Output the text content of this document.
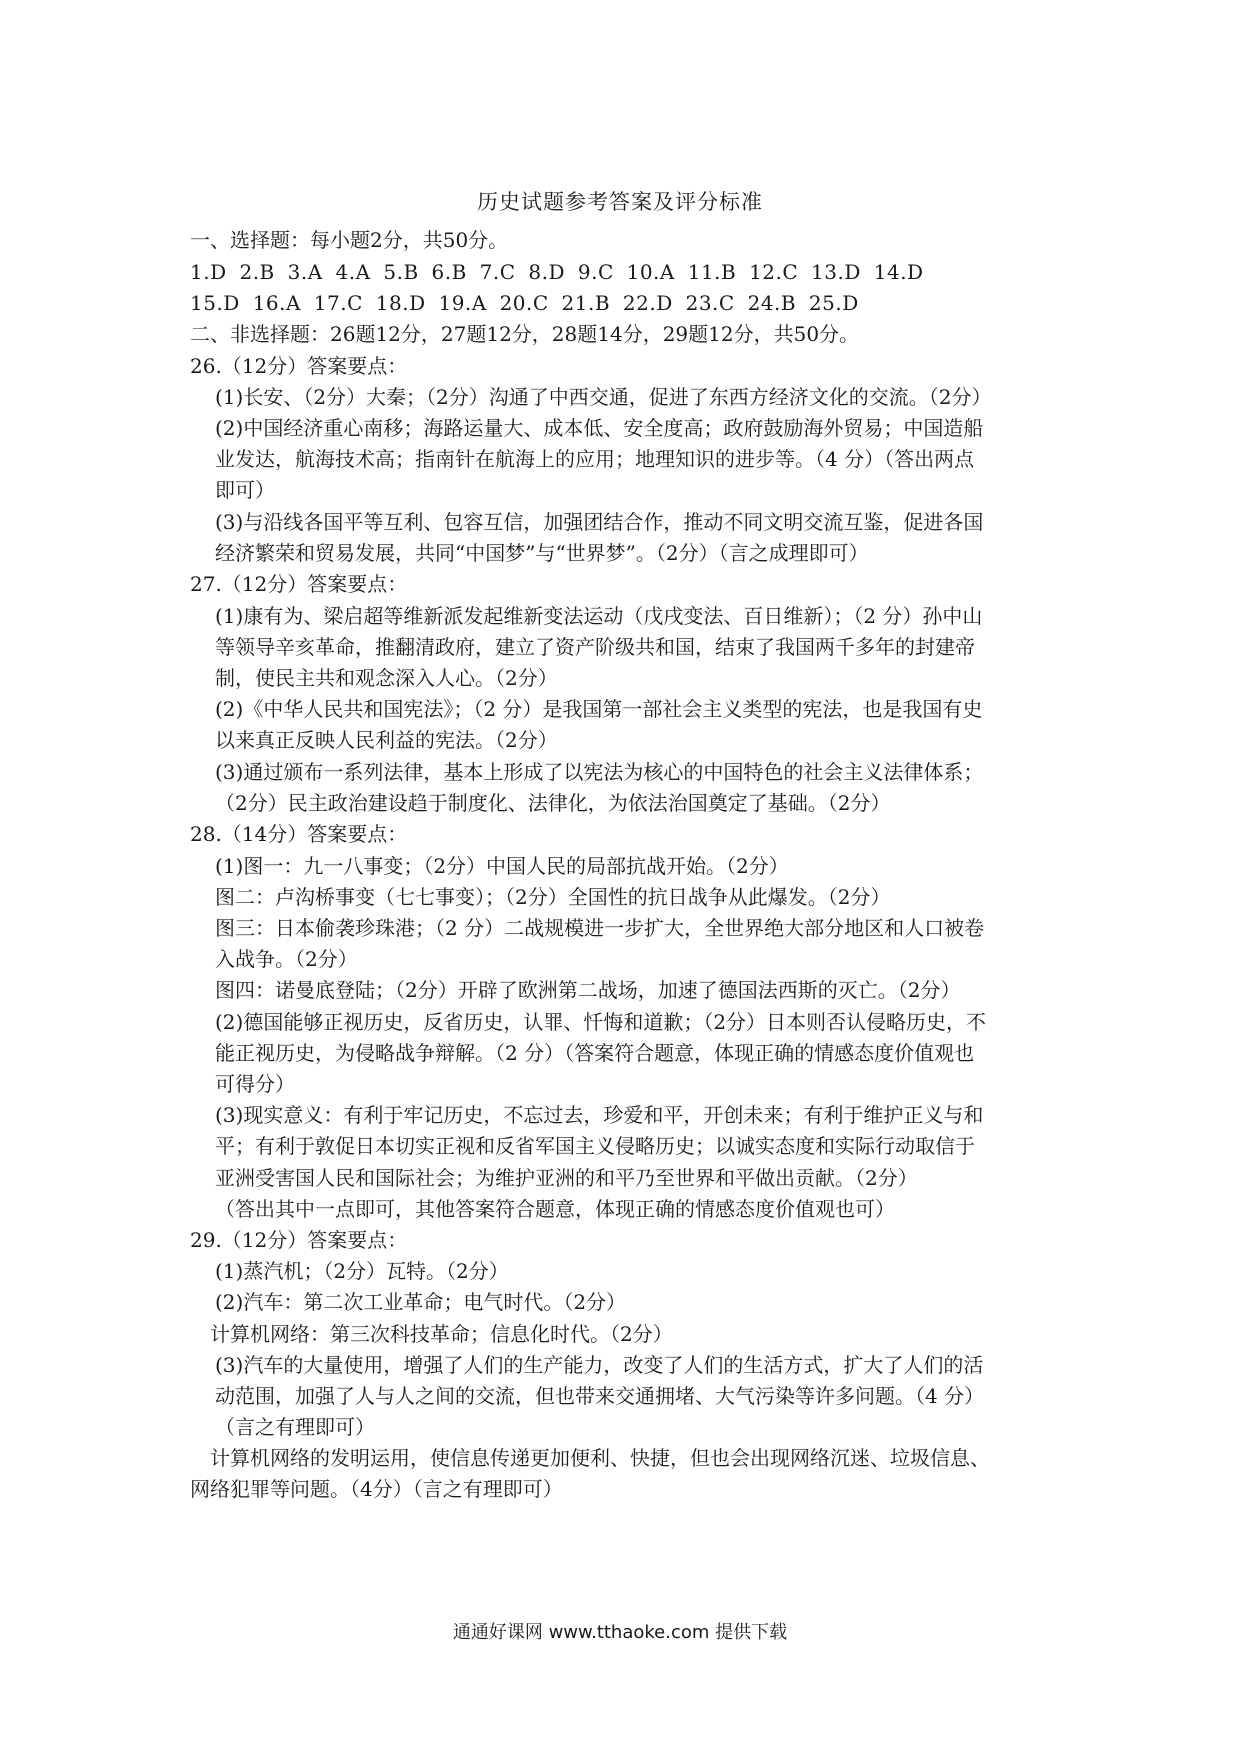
历史试题参考答案及评分标准
一、选择题：每小题2分，共50分。
1.D 2.B 3.A 4.A 5.B 6.B 7.C 8.D 9.C 10.A 11.B 12.C 13.D 14.D
15.D 16.A 17.C 18.D 19.A 20.C 21.B 22.D 23.C 24.B 25.D
二、非选择题：26题12分，27题12分，28题14分，29题12分，共50分。
26.（12分）答案要点：
(1)长安、（2分）大秦；（2分）沟通了中西交通，促进了东西方经济文化的交流。（2分）
(2)中国经济重心南移；海路运量大、成本低、安全度高；政府鼓励海外贸易；中国造船
业发达，航海技术高；指南针在航海上的应用；地理知识的进步等。（4 分）（答出两点
即可）
(3)与沿线各国平等互利、包容互信，加强团结合作，推动不同文明交流互鉴，促进各国
经济繁荣和贸易发展，共同“中国梦”与“世界梦”。（2分）（言之成理即可）
27.（12分）答案要点：
(1)康有为、梁启超等维新派发起维新变法运动（戊戌变法、百日维新）；（2 分）孙中山
等领导辛亥革命，推翻清政府，建立了资产阶级共和国，结束了我国两千多年的封建帝
制，使民主共和观念深入人心。（2分）
(2)《中华人民共和国宪法》；（2 分）是我国第一部社会主义类型的宪法，也是我国有史
以来真正反映人民利益的宪法。（2分）
(3)通过颁布一系列法律，基本上形成了以宪法为核心的中国特色的社会主义法律体系；
（2分）民主政治建设趋于制度化、法律化，为依法治国奠定了基础。（2分）
28.（14分）答案要点：
(1)图一：九一八事变；（2分）中国人民的局部抗战开始。（2分）
图二：卢沟桥事变（七七事变）；（2分）全国性的抗日战争从此爆发。（2分）
图三：日本偷袭珍珠港；（2 分）二战规模进一步扩大，全世界绝大部分地区和人口被卷
入战争。（2分）
图四：诺曼底登陆；（2分）开辟了欧洲第二战场，加速了德国法西斯的灭亡。（2分）
(2)德国能够正视历史，反省历史，认罪、忏悔和道歉；（2分）日本则否认侵略历史，不
能正视历史，为侵略战争辩解。（2 分）（答案符合题意，体现正确的情感态度价值观也
可得分）
(3)现实意义：有利于牢记历史，不忘过去，珍爱和平，开创未来；有利于维护正义与和
平；有利于敦促日本切实正视和反省军国主义侵略历史；以诚实态度和实际行动取信于
亚洲受害国人民和国际社会；为维护亚洲的和平乃至世界和平做出贡献。（2分）
（答出其中一点即可，其他答案符合题意，体现正确的情感态度价值观也可）
29.（12分）答案要点：
(1)蒸汽机；（2分）瓦特。（2分）
(2)汽车：第二次工业革命；电气时代。（2分）
计算机网络：第三次科技革命；信息化时代。（2分）
(3)汽车的大量使用，增强了人们的生产能力，改变了人们的生活方式，扩大了人们的活
动范围，加强了人与人之间的交流，但也带来交通拥堵、大气污染等许多问题。（4 分）
（言之有理即可）
计算机网络的发明运用，使信息传递更加便利、快捷，但也会出现网络沉迷、垃圾信息、
网络犯罪等问题。（4分）（言之有理即可）
通通好课网 www.tthaoke.com 提供下载
